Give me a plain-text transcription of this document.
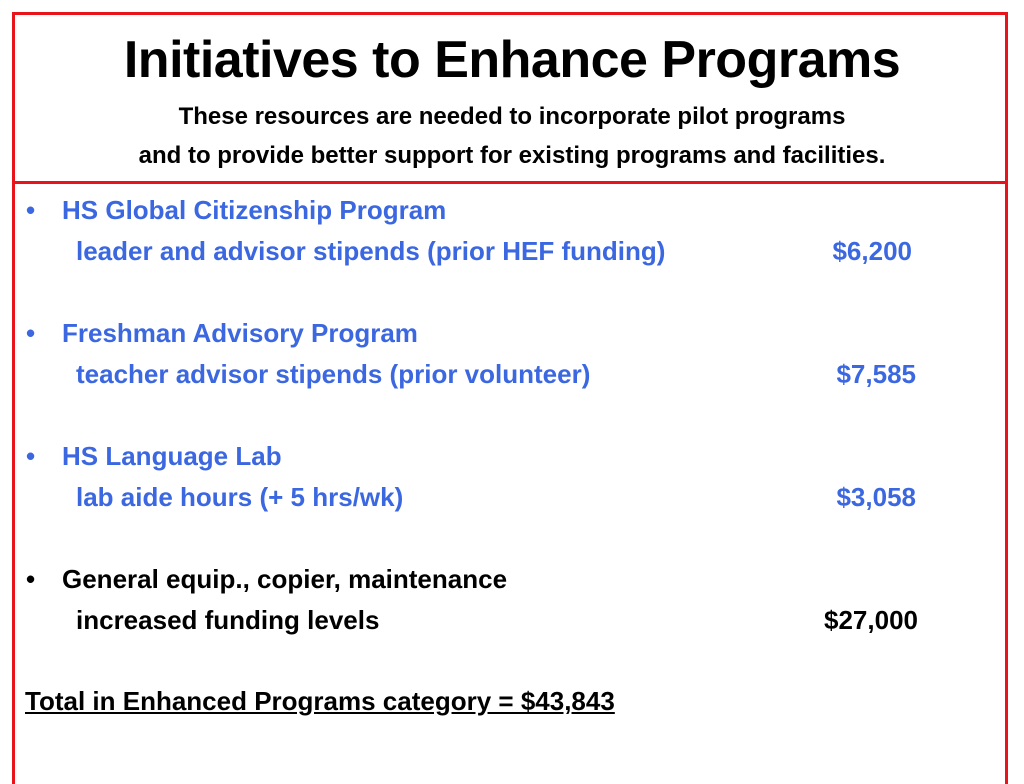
Initiatives to Enhance Programs
These resources are needed to incorporate pilot programs
and to provide better support for existing programs and facilities.
• HS Global Citizenship Program
leader and advisor stipends (prior HEF funding)	$6,200
• Freshman Advisory Program
teacher advisor stipends (prior volunteer)	$7,585
• HS Language Lab
lab aide hours (+ 5 hrs/wk)	$3,058
• General equip., copier, maintenance
increased funding levels	$27,000
Total in Enhanced Programs category = $43,843
